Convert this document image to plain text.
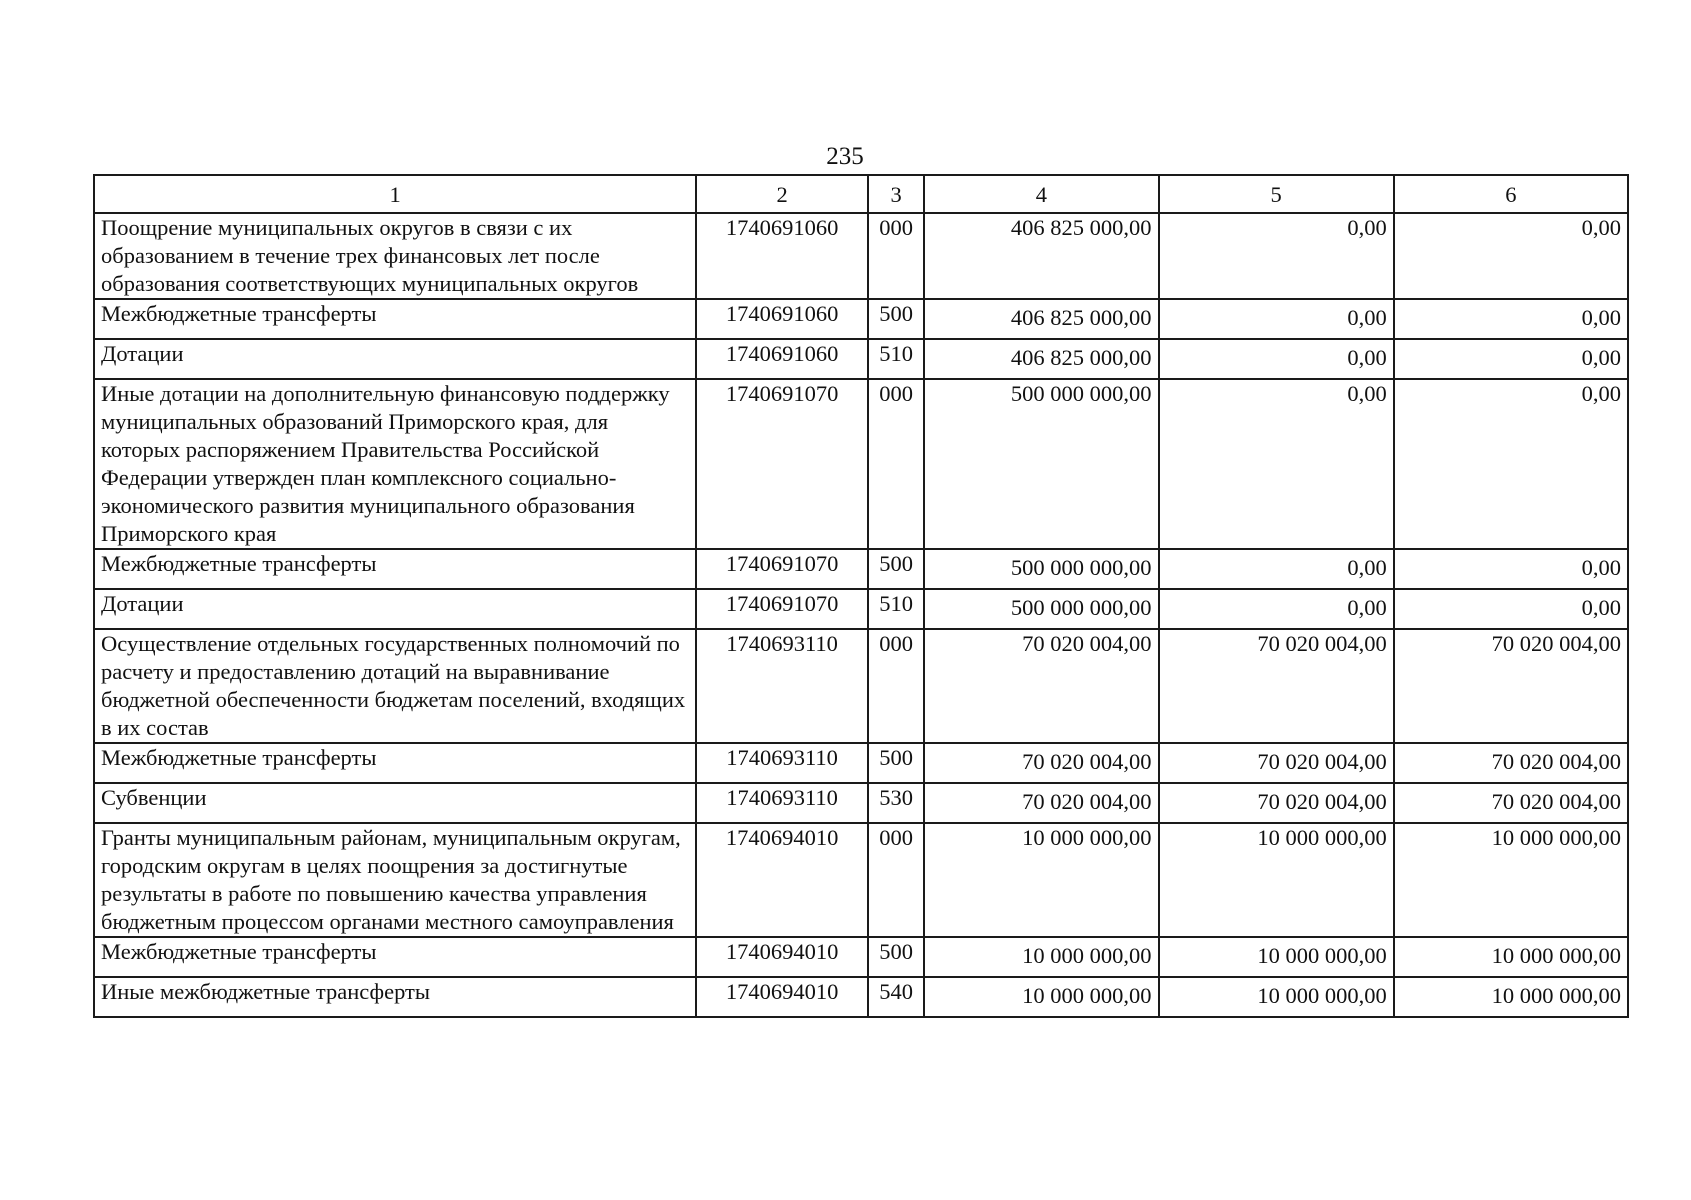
235
1	2	3	4	5	6
Поощрение муниципальных округов в связи с их образованием в течение трех финансовых лет после образования соответствующих муниципальных округов	1740691060	000	406 825 000,00	0,00	0,00
Межбюджетные трансферты	1740691060	500	406 825 000,00	0,00	0,00
Дотации	1740691060	510	406 825 000,00	0,00	0,00
Иные дотации на дополнительную финансовую поддержку муниципальных образований Приморского края, для которых распоряжением Правительства Российской Федерации утвержден план комплексного социально-экономического развития муниципального образования Приморского края	1740691070	000	500 000 000,00	0,00	0,00
Межбюджетные трансферты	1740691070	500	500 000 000,00	0,00	0,00
Дотации	1740691070	510	500 000 000,00	0,00	0,00
Осуществление отдельных государственных полномочий по расчету и предоставлению дотаций на выравнивание бюджетной обеспеченности бюджетам поселений, входящих в их состав	1740693110	000	70 020 004,00	70 020 004,00	70 020 004,00
Межбюджетные трансферты	1740693110	500	70 020 004,00	70 020 004,00	70 020 004,00
Субвенции	1740693110	530	70 020 004,00	70 020 004,00	70 020 004,00
Гранты муниципальным районам, муниципальным округам, городским округам в целях поощрения за достигнутые результаты в работе по повышению качества управления бюджетным процессом органами местного самоуправления	1740694010	000	10 000 000,00	10 000 000,00	10 000 000,00
Межбюджетные трансферты	1740694010	500	10 000 000,00	10 000 000,00	10 000 000,00
Иные межбюджетные трансферты	1740694010	540	10 000 000,00	10 000 000,00	10 000 000,00
